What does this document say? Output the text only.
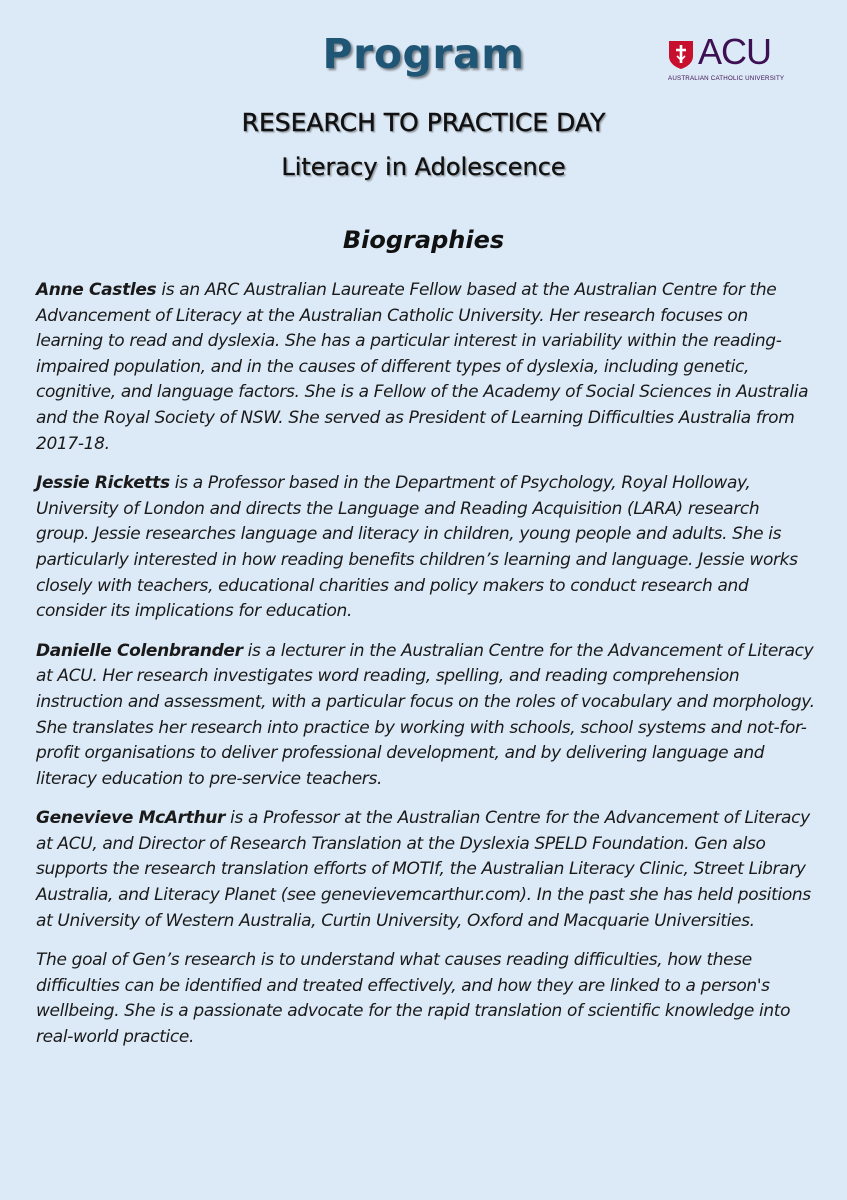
Program	ACU
AUSTRALIAN CATHOLIC UNIVERSITY
RESEARCH TO PRACTICE DAY
Literacy in Adolescence
Biographies

Anne Castles is an ARC Australian Laureate Fellow based at the Australian Centre for the Advancement of Literacy at the Australian Catholic University. Her research focuses on learning to read and dyslexia. She has a particular interest in variability within the reading-impaired population, and in the causes of different types of dyslexia, including genetic, cognitive, and language factors. She is a Fellow of the Academy of Social Sciences in Australia and the Royal Society of NSW. She served as President of Learning Difficulties Australia from 2017-18.

Jessie Ricketts is a Professor based in the Department of Psychology, Royal Holloway, University of London and directs the Language and Reading Acquisition (LARA) research group. Jessie researches language and literacy in children, young people and adults. She is particularly interested in how reading benefits children’s learning and language. Jessie works closely with teachers, educational charities and policy makers to conduct research and consider its implications for education.

Danielle Colenbrander is a lecturer in the Australian Centre for the Advancement of Literacy at ACU. Her research investigates word reading, spelling, and reading comprehension instruction and assessment, with a particular focus on the roles of vocabulary and morphology. She translates her research into practice by working with schools, school systems and not-for-profit organisations to deliver professional development, and by delivering language and literacy education to pre-service teachers.

Genevieve McArthur is a Professor at the Australian Centre for the Advancement of Literacy at ACU, and Director of Research Translation at the Dyslexia SPELD Foundation. Gen also supports the research translation efforts of MOTIf, the Australian Literacy Clinic, Street Library Australia, and Literacy Planet (see genevievemcarthur.com). In the past she has held positions at University of Western Australia, Curtin University, Oxford and Macquarie Universities.

The goal of Gen’s research is to understand what causes reading difficulties, how these difficulties can be identified and treated effectively, and how they are linked to a person's wellbeing. She is a passionate advocate for the rapid translation of scientific knowledge into real-world practice.
